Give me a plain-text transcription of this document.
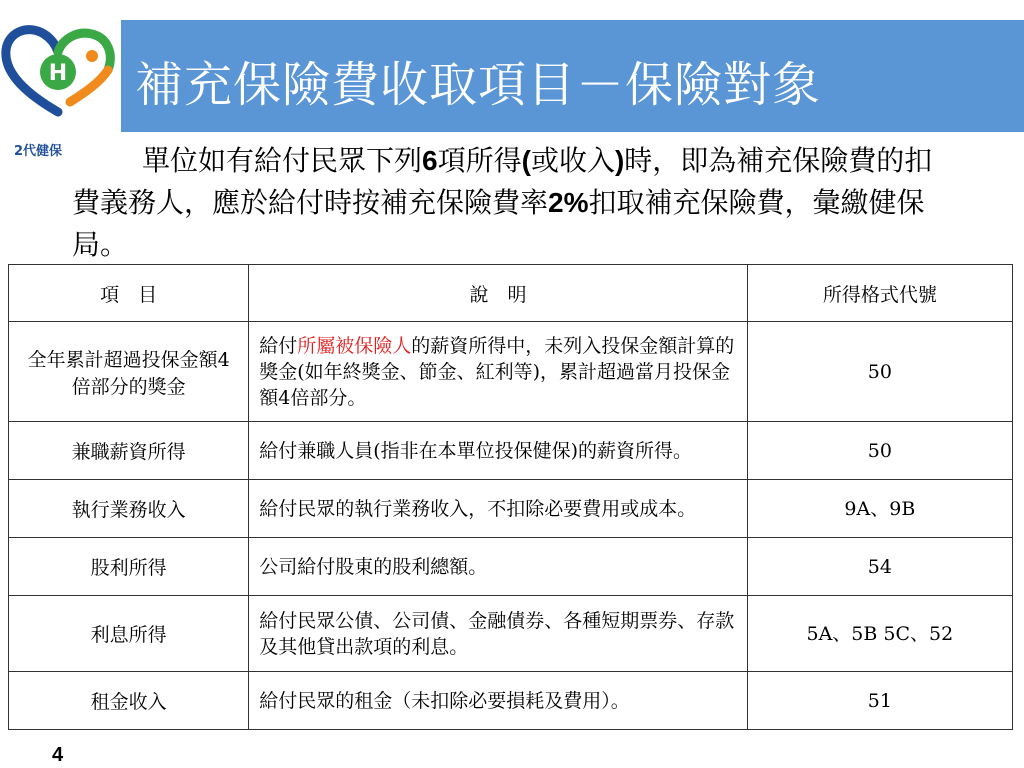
H
2代健保
補充保險費收取項目－保險對象
單位如有給付民眾下列6項所得(或收入)時，即為補充保險費的扣費義務人，應於給付時按補充保險費率2%扣取補充保險費，彙繳健保局。
項　目	說　明	所得格式代號
全年累計超過投保金額4倍部分的獎金	給付所屬被保險人的薪資所得中，未列入投保金額計算的獎金(如年終獎金、節金、紅利等)，累計超過當月投保金額4倍部分。	50
兼職薪資所得	給付兼職人員(指非在本單位投保健保)的薪資所得。	50
執行業務收入	給付民眾的執行業務收入，不扣除必要費用或成本。	9A、9B
股利所得	公司給付股東的股利總額。	54
利息所得	給付民眾公債、公司債、金融債券、各種短期票券、存款及其他貸出款項的利息。	5A、5B 5C、52
租金收入	給付民眾的租金（未扣除必要損耗及費用）。	51
4
